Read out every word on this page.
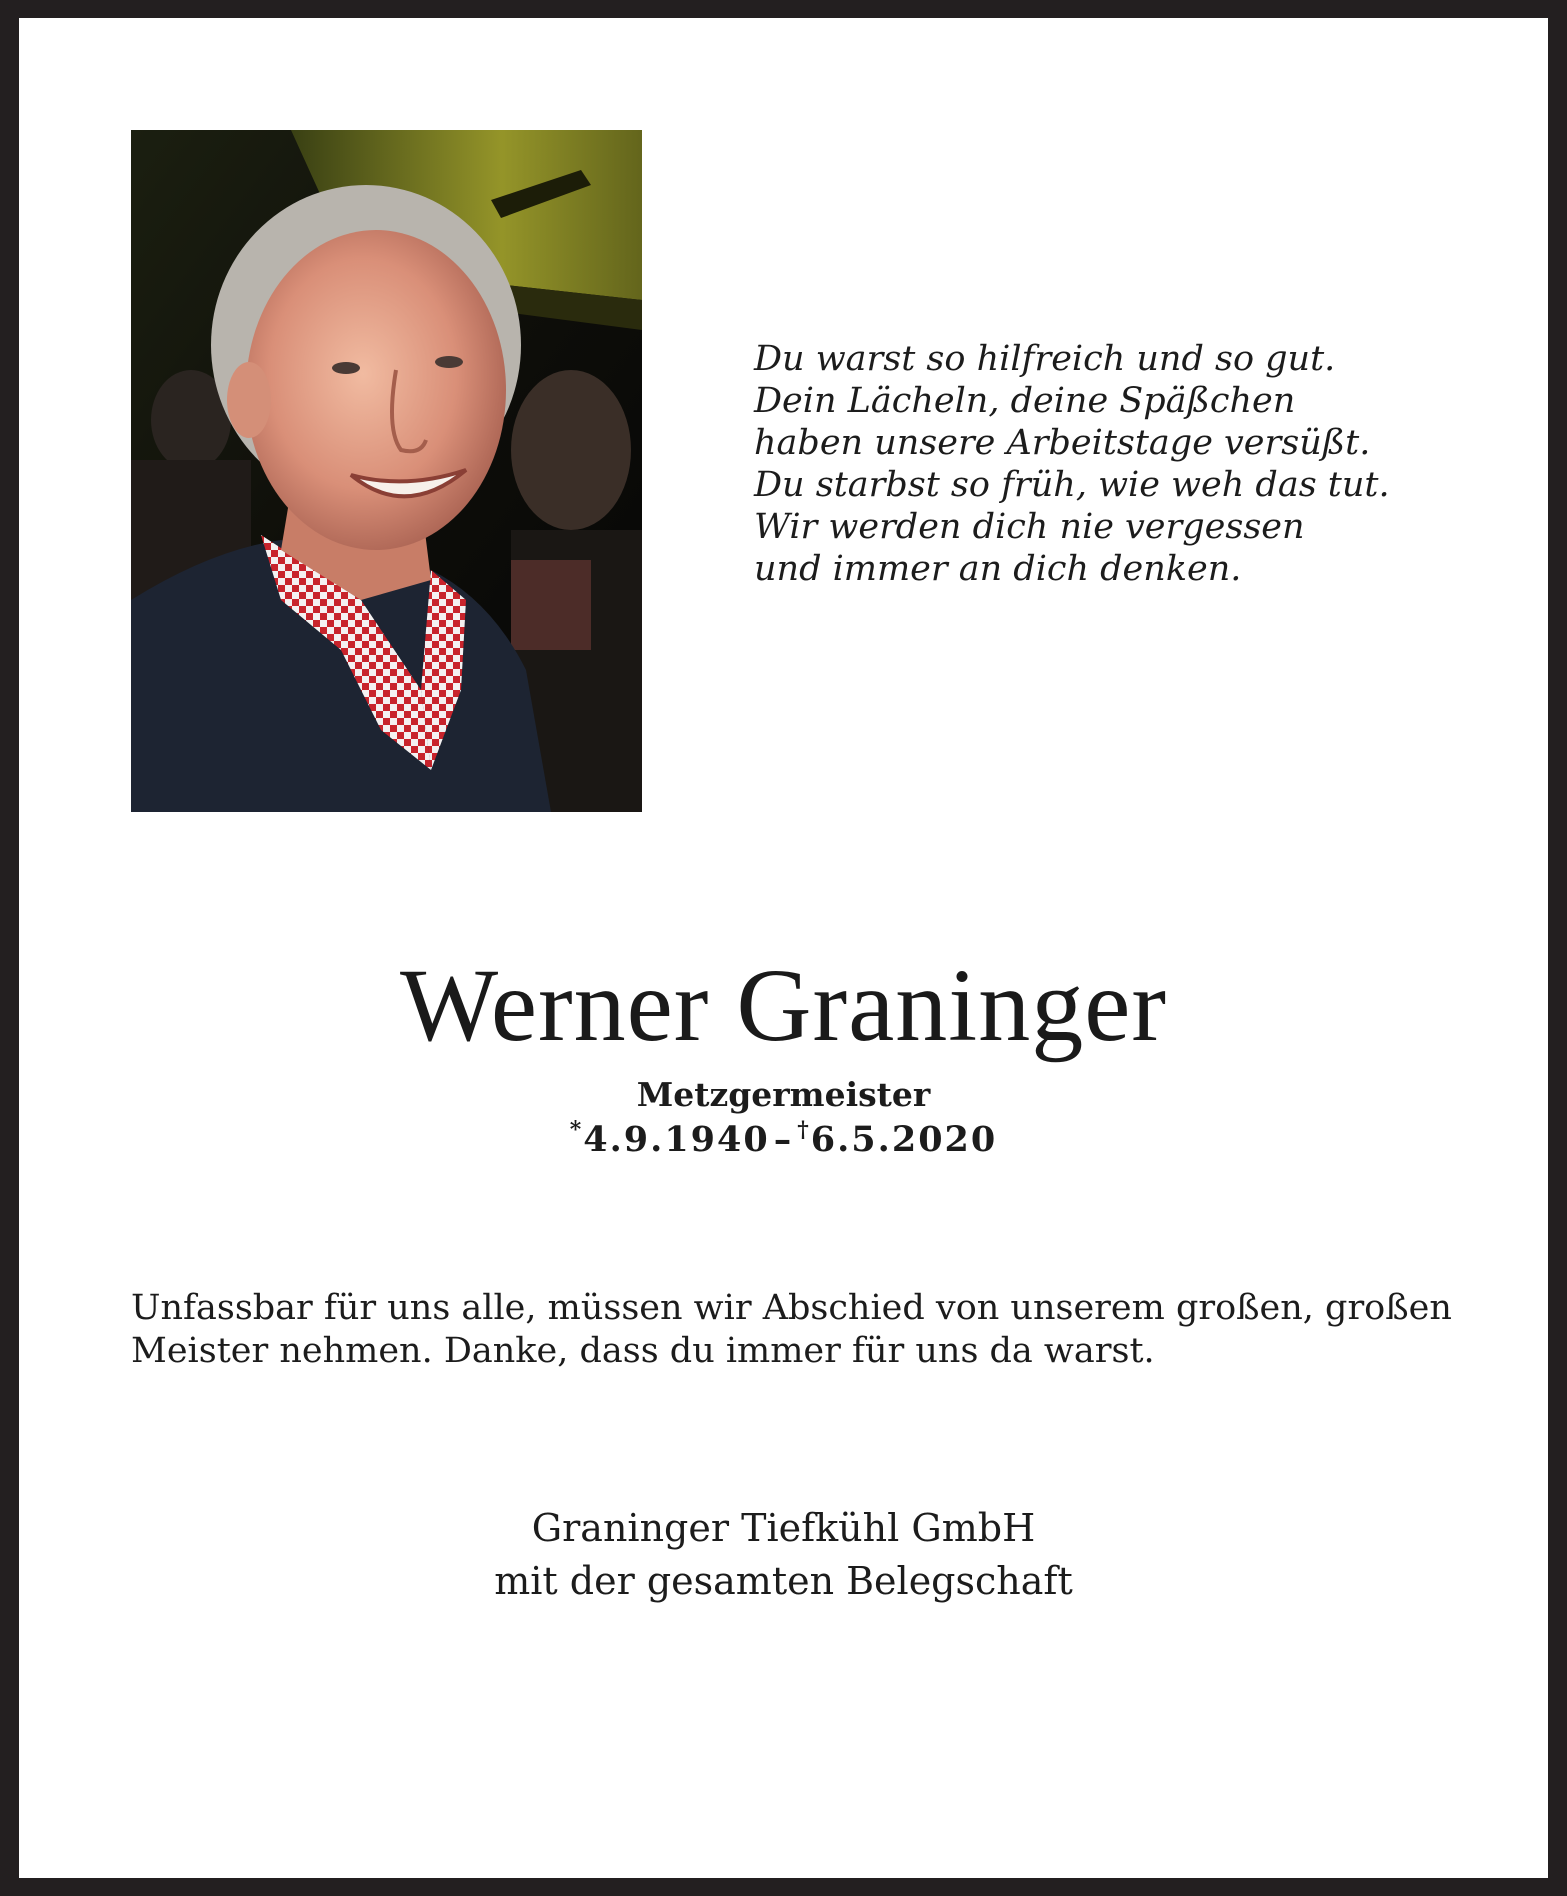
Du warst so hilfreich und so gut.
Dein Lächeln, deine Späßchen
haben unsere Arbeitstage versüßt.
Du starbst so früh, wie weh das tut.
Wir werden dich nie vergessen
und immer an dich denken.
Werner Graninger
Metzgermeister
*4.9.1940 – †6.5.2020
Unfassbar für uns alle, müssen wir Abschied von unserem großen, großen
Meister nehmen. Danke, dass du immer für uns da warst.
Graninger Tiefkühl GmbH
mit der gesamten Belegschaft
